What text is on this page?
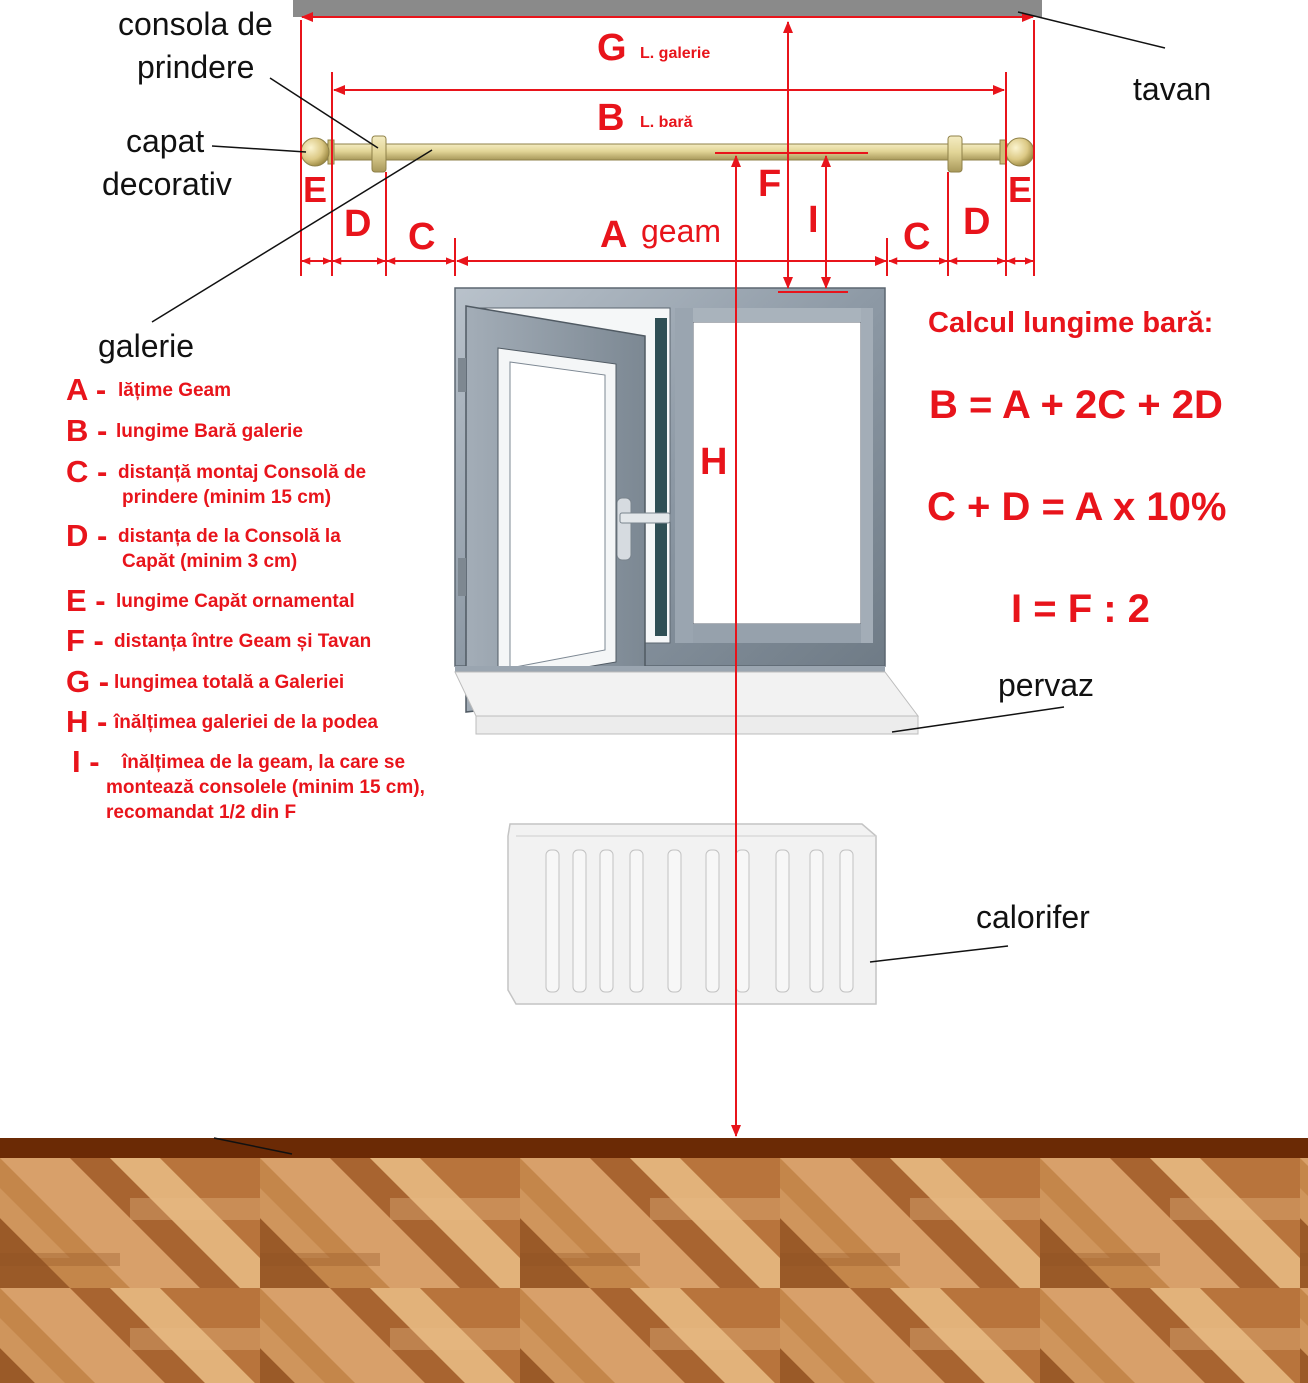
consola de
prindere
capat
decorativ
galerie
tavan
pervaz
calorifer
G L. galerie
B L. bară
A geam
C	C
D	D
E	E
F
I
H
A - lățime Geam
B - lungime Bară galerie
C - distanță montaj Consolă de
prindere (minim 15 cm)
D - distanța de la Consolă la
Capăt (minim 3 cm)
E - lungime Capăt ornamental
F - distanța între Geam și Tavan
G - lungimea totală a Galeriei
H - înălțimea galeriei de la podea
I - înălțimea de la geam, la care se
montează consolele (minim 15 cm),
recomandat 1/2 din F
Calcul lungime bară:
B = A + 2C + 2D
C + D = A x 10%
I = F : 2
